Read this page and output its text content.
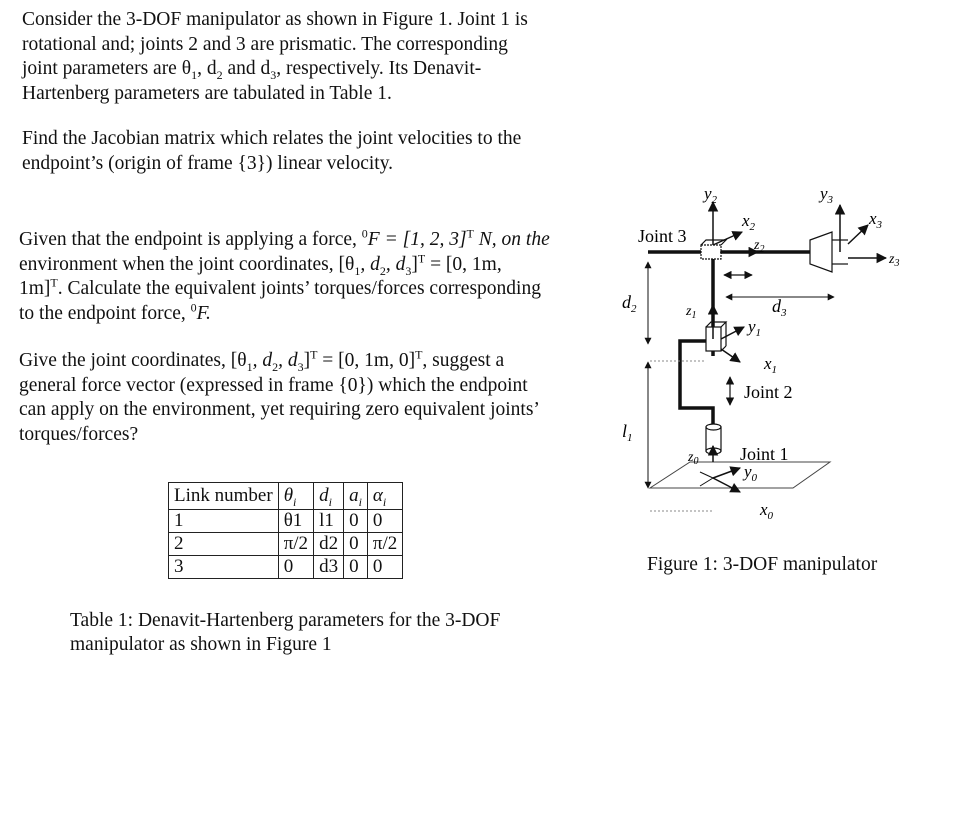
Consider the 3-DOF manipulator as shown in Figure 1. Joint 1 is
rotational and; joints 2 and 3 are prismatic. The corresponding
joint parameters are $\theta_1$, $d_2$ and $d_3$, respectively. Its Denavit-
Hartenberg parameters are tabulated in Table 1.
Find the Jacobian matrix which relates the joint velocities to the
endpoint’s (origin of frame {3}) linear velocity.
Given that the endpoint is applying a force, $^0$F = [1, 2, 3]$^T$ N, on the
environment when the joint coordinates, [$\theta_1$, $d_2$, $d_3]^T = [0$, 1m,
1m]$^T$. Calculate the equivalent joints’ torques/forces corresponding
to the endpoint force, $^0$F.
Give the joint coordinates, [$\theta_1$, $d_2$, $d_3]^T = [0$, 1m, 0]$^T$, suggest a
general force vector (expressed in frame {0}) which the endpoint
can apply on the environment, yet requiring zero equivalent joints’
torques/forces?
Link number	$\theta_i$	$d_i$	$a_i$	$\alpha_i$
1	θ1	l1	0	0
2	π/2	d2	0	π/2
3	0	d3	0	0
Table 1: Denavit-Hartenberg parameters for the 3-DOF
manipulator as shown in Figure 1
Joint 3
Joint 2
Joint 1
$y_2$
$x_2$
$z_2$
$y_3$
$x_3$
$z_3$
$d_2$	$d_3$
$z_1$
$y_1$
$x_1$
$l_1$
$z_0$
$y_0$
$x_0$
Figure 1: 3-DOF manipulator
